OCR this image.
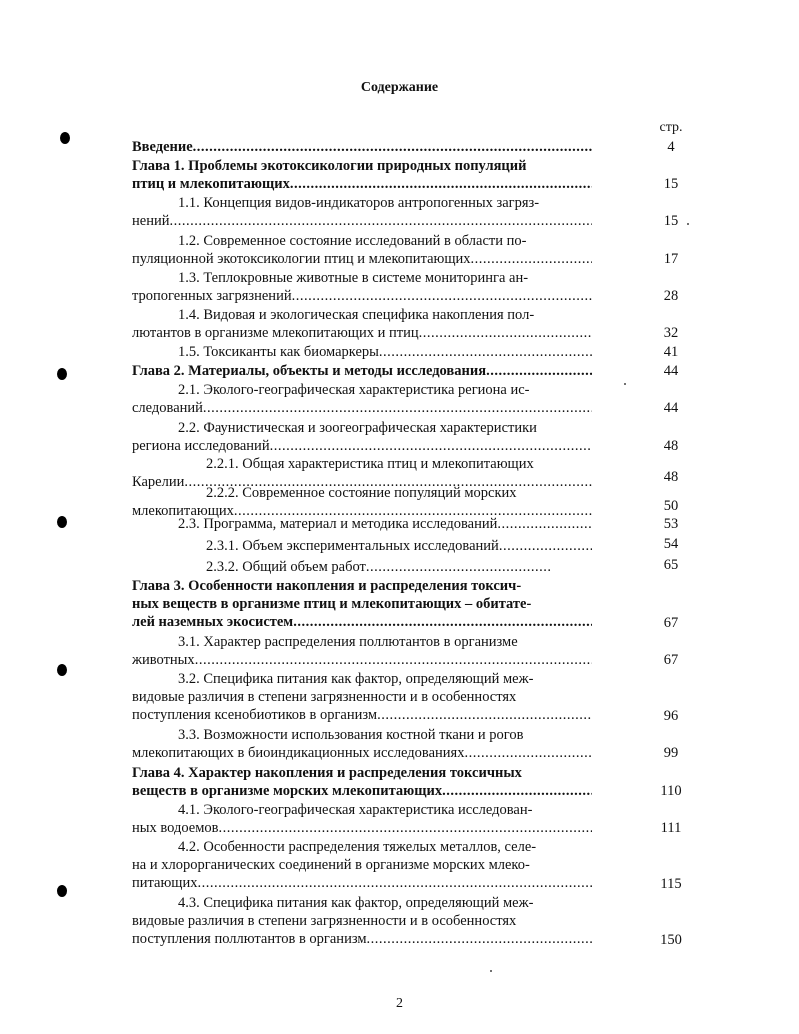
Содержание
стр.
Введение .....	4
Глава 1. Проблемы экотоксикологии природных популяций
птиц и млекопитающих .....	15
1.1. Концепция видов-индикаторов антропогенных загряз-
нений .....	15
1.2. Современное состояние исследований в области по-
пуляционной экотоксикологии птиц и млекопитающих .....	17
1.3. Теплокровные животные в системе мониторинга ан-
тропогенных загрязнений .....	28
1.4. Видовая и экологическая специфика накопления пол-
лютантов в организме млекопитающих и птиц .....	32
1.5. Токсиканты как биомаркеры .....	41
Глава 2. Материалы, объекты и методы исследования .....	44
2.1. Эколого-географическая характеристика региона ис-
следований .....	44
2.2. Фаунистическая и зоогеографическая характеристики
региона исследований .....	48
2.2.1. Общая характеристика птиц и млекопитающих
Карелии .....	48
2.2.2. Современное состояние популяций морских
млекопитающих .....	50
2.3. Программа, материал и методика исследований .....	53
2.3.1. Объем экспериментальных исследований .....	54
2.3.2. Общий объем работ .....	65
Глава 3. Особенности накопления и распределения токсич-
ных веществ в организме птиц и млекопитающих – обитате-
лей наземных экосистем .....	67
3.1. Характер распределения поллютантов в организме
животных .....	67
3.2. Специфика питания как фактор, определяющий меж-
видовые различия в степени загрязненности и в особенностях
поступления ксенобиотиков в организм .....	96
3.3. Возможности использования костной ткани и рогов
млекопитающих в биоиндикационных исследованиях .....	99
Глава 4. Характер накопления и распределения токсичных
веществ в организме морских млекопитающих .....	110
4.1. Эколого-географическая характеристика исследован-
ных водоемов .....	111
4.2. Особенности распределения тяжелых металлов, селе-
на и хлорорганических соединений в организме морских млеко-
питающих .....	115
4.3. Специфика питания как фактор, определяющий меж-
видовые различия в степени загрязненности и в особенностях
поступления поллютантов в организм .....	150
2
